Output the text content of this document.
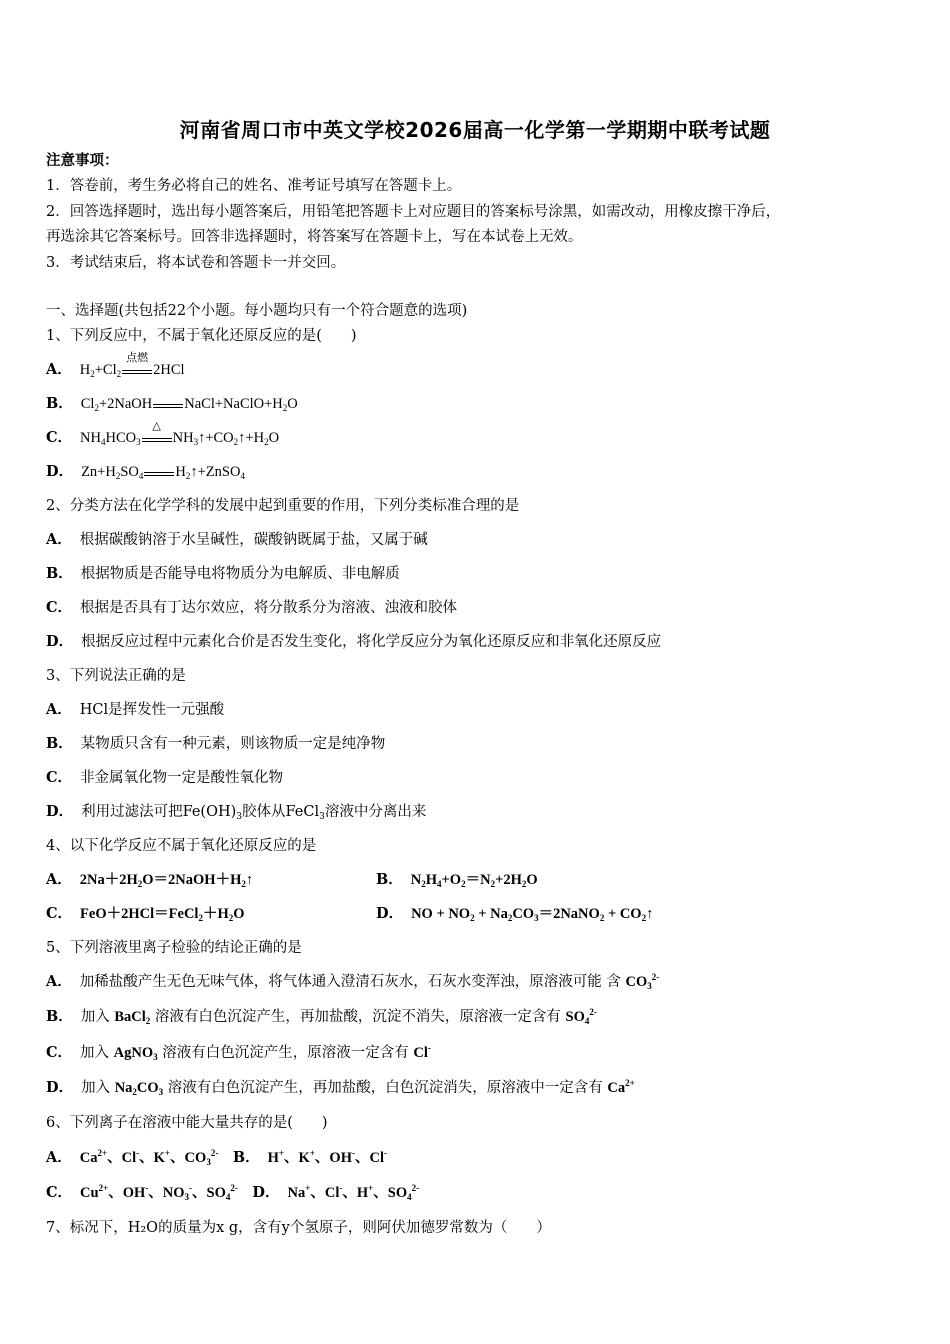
河南省周口市中英文学校2026届高一化学第一学期期中联考试题
注意事项：
1．答卷前，考生务必将自己的姓名、准考证号填写在答题卡上。
2．回答选择题时，选出每小题答案后，用铅笔把答题卡上对应题目的答案标号涂黑，如需改动，用橡皮擦干净后，
再选涂其它答案标号。回答非选择题时，将答案写在答题卡上，写在本试卷上无效。
3．考试结束后，将本试卷和答题卡一并交回。
一、选择题(共包括22个小题。每小题均只有一个符合题意的选项)
1、下列反应中，不属于氧化还原反应的是(　　)
A． $H_2+Cl_2$
点燃
2HCl
B． $Cl_2+2NaOH$ $NaCl+NaClO+H_2O$
C． $NH_4HCO_3$
△
$NH_3↑+CO_2↑+H_2O$
D． $Zn+H_2SO_4$ $H_2↑+ZnSO_4$
2、分类方法在化学学科的发展中起到重要的作用，下列分类标准合理的是
A． 根据碳酸钠溶于水呈碱性，碳酸钠既属于盐，又属于碱
B． 根据物质是否能导电将物质分为电解质、非电解质
C． 根据是否具有丁达尔效应，将分散系分为溶液、浊液和胶体
D． 根据反应过程中元素化合价是否发生变化，将化学反应分为氧化还原反应和非氧化还原反应
3、下列说法正确的是
A． HCl是挥发性一元强酸
B． 某物质只含有一种元素，则该物质一定是纯净物
C． 非金属氧化物一定是酸性氧化物
D． 利用过滤法可把$Fe(OH)_3$胶体从FeCl$_3$溶液中分离出来
4、以下化学反应不属于氧化还原反应的是
A． $2Na+2H_2O=2NaOH+H_2↑$	B． $N_2H_4+O_2=N_2+2H_2O$
C． $FeO+2HCl=FeCl_2+H_2O$	D． NO + $NO_2$ + $Na_2CO_3=2NaNO_2$ + $CO_2↑$
5、下列溶液里离子检验的结论正确的是
A． 加稀盐酸产生无色无味气体，将气体通入澄清石灰水，石灰水变浑浊，原溶液可能 含 $CO_3^{2-}$
B． 加入 BaCl$_2$ 溶液有白色沉淀产生，再加盐酸，沉淀不消失，原溶液一定含有 $SO_4^{2-}$
C． 加入 AgNO$_3$ 溶液有白色沉淀产生，原溶液一定含有 Cl-
D． 加入 $Na_2CO_3$ 溶液有白色沉淀产生，再加盐酸，白色沉淀消失，原溶液中一定含有 $Ca^{2+}$
6、下列离子在溶液中能大量共存的是(　　)
A． $Ca^{2+}$、Cl-、K+、$CO_3^{2-}$　 B． H+、K+、OH-、Cl-
C． $Cu^{2+}$、OH-、$NO_3^-$、$SO_4^{2-}$　 D． Na+、Cl-、H+、$SO_4^{2-}$
7、标况下，H₂O的质量为x g，含有y个氢原子，则阿伏加德罗常数为（　　）
